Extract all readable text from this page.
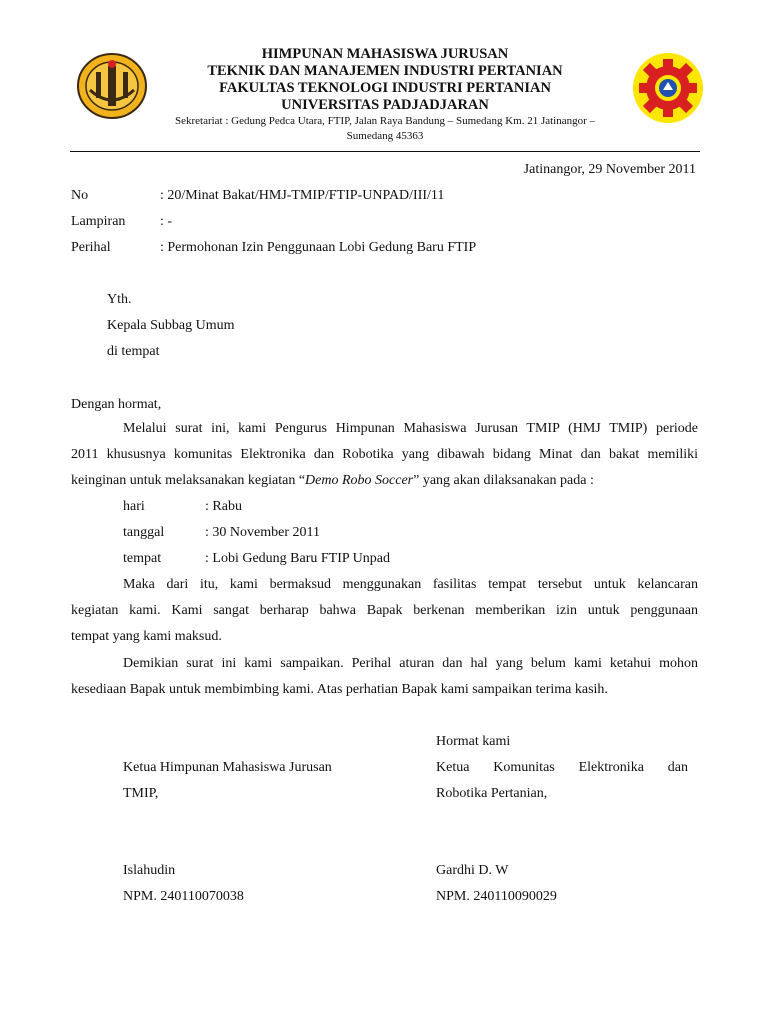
HIMPUNAN MAHASISWA JURUSAN
TEKNIK DAN MANAJEMEN INDUSTRI PERTANIAN
FAKULTAS TEKNOLOGI INDUSTRI PERTANIAN
UNIVERSITAS PADJADJARAN
Sekretariat : Gedung Pedca Utara, FTIP, Jalan Raya Bandung – Sumedang Km. 21 Jatinangor –
Sumedang 45363
Jatinangor, 29 November 2011
No	: 20/Minat Bakat/HMJ-TMIP/FTIP-UNPAD/III/11
Lampiran : -
Perihal	: Permohonan Izin Penggunaan Lobi Gedung Baru FTIP
Yth.
Kepala Subbag Umum
di tempat
Dengan hormat,
Melalui surat ini, kami Pengurus Himpunan Mahasiswa Jurusan TMIP (HMJ TMIP) periode
2011 khususnya komunitas Elektronika dan Robotika yang dibawah bidang Minat dan bakat memiliki
keinginan untuk melaksanakan kegiatan “Demo Robo Soccer” yang akan dilaksanakan pada :
hari	: Rabu
tanggal	: 30 November 2011
tempat	: Lobi Gedung Baru FTIP Unpad
Maka dari itu, kami bermaksud menggunakan fasilitas tempat tersebut untuk kelancaran
kegiatan kami. Kami sangat berharap bahwa Bapak berkenan memberikan izin untuk penggunaan
tempat yang kami maksud.
Demikian surat ini kami sampaikan. Perihal aturan dan hal yang belum kami ketahui mohon
kesediaan Bapak untuk membimbing kami. Atas perhatian Bapak kami sampaikan terima kasih.
Hormat kami
Ketua Himpunan Mahasiswa Jurusan	Ketua Komunitas Elektronika dan
TMIP,	Robotika Pertanian,
Islahudin	Gardhi D. W
NPM. 240110070038	NPM. 240110090029
